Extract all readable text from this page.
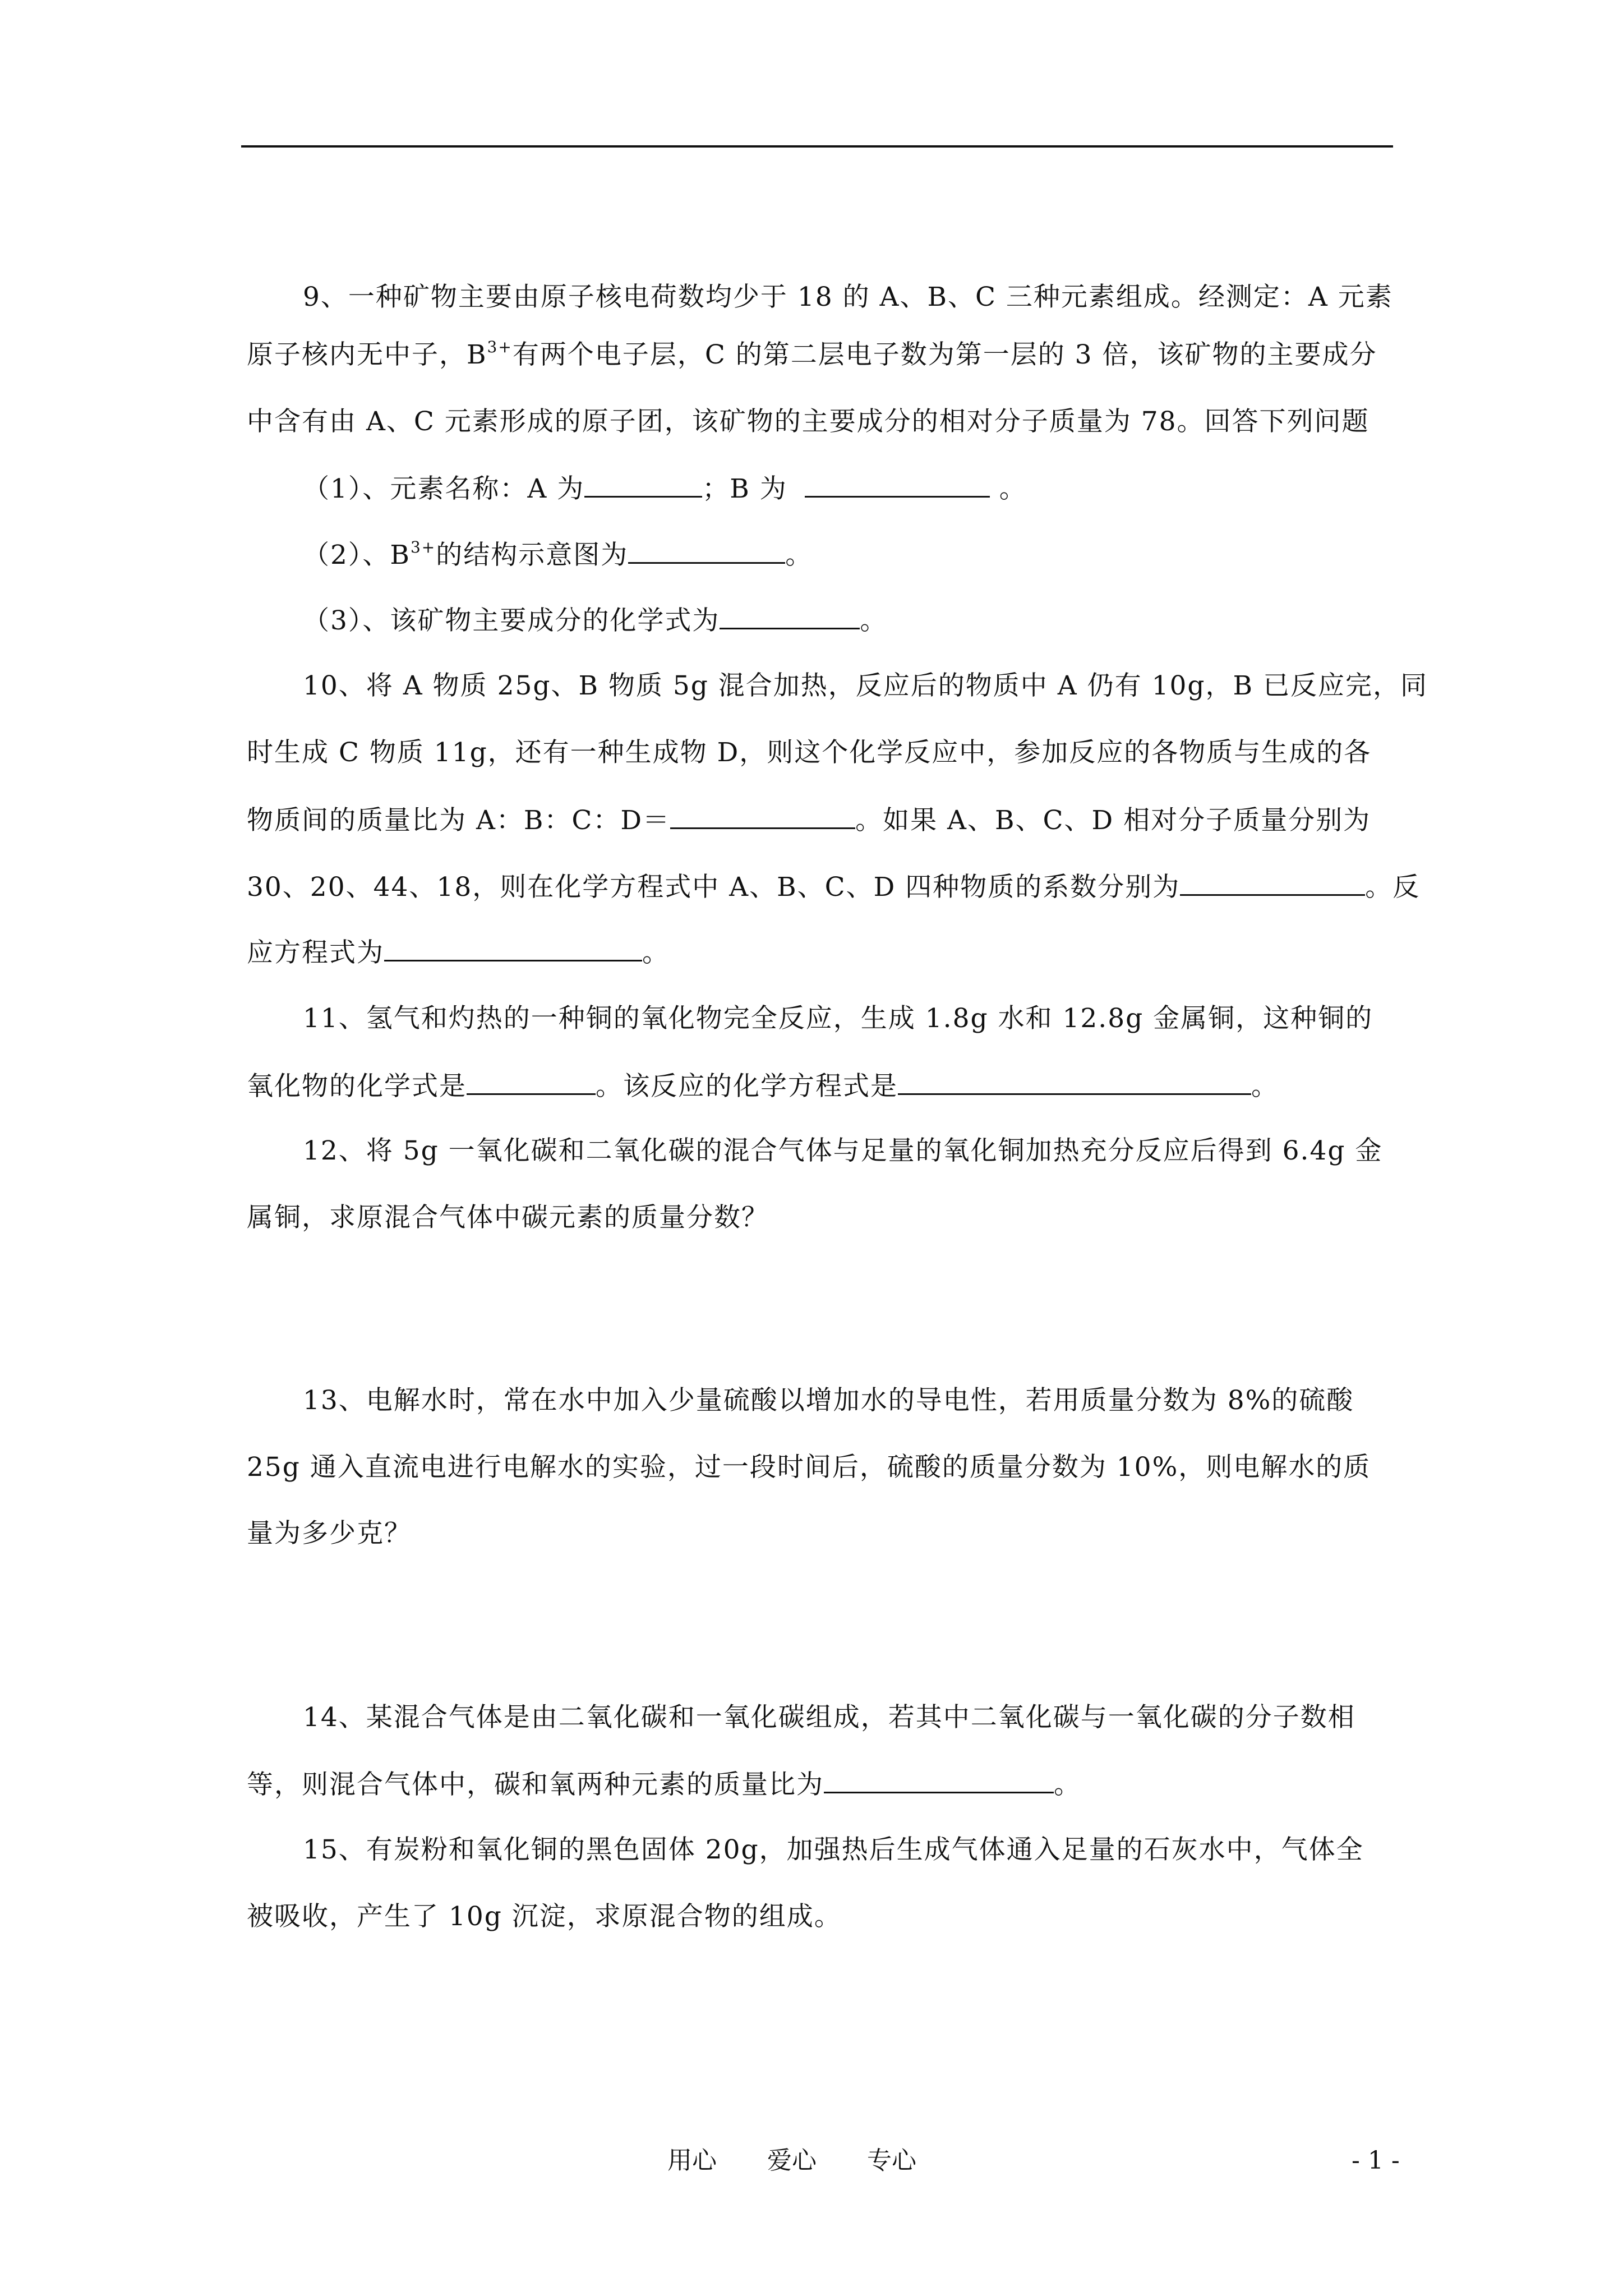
9、一种矿物主要由原子核电荷数均少于 18 的 A、B、C 三种元素组成。经测定：A 元素
原子核内无中子，$B^{3+}$有两个电子层，C 的第二层电子数为第一层的 3 倍，该矿物的主要成分
中含有由 A、C 元素形成的原子团，该矿物的主要成分的相对分子质量为 78。回答下列问题
（1）、元素名称：A 为	；B 为	。
（2）、$B^{3+}$的结构示意图为	。
（3）、该矿物主要成分的化学式为	。
10、将 A 物质 25g、B 物质 5g 混合加热，反应后的物质中 A 仍有 10g，B 已反应完，同
时生成 C 物质 11g，还有一种生成物 D，则这个化学反应中，参加反应的各物质与生成的各
物质间的质量比为 A：B：C：D＝	。如果 A、B、C、D 相对分子质量分别为
30、20、44、18，则在化学方程式中 A、B、C、D 四种物质的系数分别为	。反
应方程式为	。
11、氢气和灼热的一种铜的氧化物完全反应，生成 1.8g 水和 12.8g 金属铜，这种铜的
氧化物的化学式是	。该反应的化学方程式是	。
12、将 5g 一氧化碳和二氧化碳的混合气体与足量的氧化铜加热充分反应后得到 6.4g 金
属铜，求原混合气体中碳元素的质量分数？
13、电解水时，常在水中加入少量硫酸以增加水的导电性，若用质量分数为 8%的硫酸
25g 通入直流电进行电解水的实验，过一段时间后，硫酸的质量分数为 10%，则电解水的质
量为多少克？
14、某混合气体是由二氧化碳和一氧化碳组成，若其中二氧化碳与一氧化碳的分子数相
等，则混合气体中，碳和氧两种元素的质量比为	。
15、有炭粉和氧化铜的黑色固体 20g，加强热后生成气体通入足量的石灰水中，气体全
被吸收，产生了 10g 沉淀，求原混合物的组成。
用心 爱心 专心	- 1 -
